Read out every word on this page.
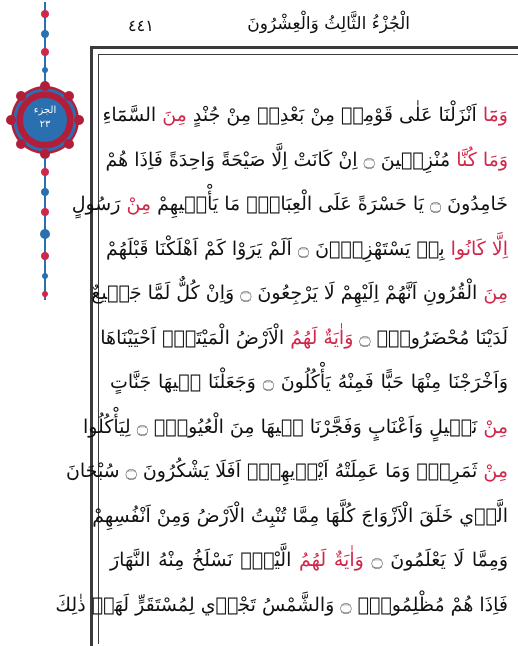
الجزء
٢٣
الْجُزْءُ الثَّالِثُ وَالْعِشْرُونَ
٤٤١
وَمَٓا اَنْزَلْنَا عَلٰى قَوْمِه۪ مِنْ بَعْدِه۪ مِنْ جُنْدٍ مِنَ السَّمَٓاءِ
وَمَا كُنَّا مُنْزِل۪ينَ ۝ اِنْ كَانَتْ اِلَّا صَيْحَةً وَاحِدَةً فَاِذَا هُمْ
خَامِدُونَ ۝ يَا حَسْرَةً عَلَى الْعِبَادِۚ مَا يَأْت۪يهِمْ مِنْ رَسُولٍ
اِلَّا كَانُوا بِه۪ يَسْتَهْزِؤُ۫نَ ۝ اَلَمْ يَرَوْا كَمْ اَهْلَكْنَا قَبْلَهُمْ
مِنَ الْقُرُونِ اَنَّهُمْ اِلَيْهِمْ لَا يَرْجِعُونَ ۝ وَاِنْ كُلٌّ لَمَّا جَم۪يعٌ
لَدَيْنَا مُحْضَرُونَ۟ ۝ وَاٰيَةٌ لَهُمُ الْاَرْضُ الْمَيْتَةُۚ اَحْيَيْنَاهَا
وَاَخْرَجْنَا مِنْهَا حَبًّا فَمِنْهُ يَأْكُلُونَ ۝ وَجَعَلْنَا ف۪يهَا جَنَّاتٍ
مِنْ نَخ۪يلٍ وَاَعْنَابٍ وَفَجَّرْنَا ف۪يهَا مِنَ الْعُيُونِۙ ۝ لِيَأْكُلُوا
مِنْ ثَمَرِه۪ۙ وَمَا عَمِلَتْهُ اَيْد۪يهِمْۜ اَفَلَا يَشْكُرُونَ ۝ سُبْحَانَ
الَّذ۪ي خَلَقَ الْاَزْوَاجَ كُلَّهَا مِمَّا تُنْبِتُ الْاَرْضُ وَمِنْ اَنْفُسِهِمْ
وَمِمَّا لَا يَعْلَمُونَ ۝ وَاٰيَةٌ لَهُمُ الَّيْلُۚ نَسْلَخُ مِنْهُ النَّهَارَ
فَاِذَا هُمْ مُظْلِمُونَۙ ۝ وَالشَّمْسُ تَجْر۪ي لِمُسْتَقَرٍّ لَهَاۜ ذٰلِكَ
